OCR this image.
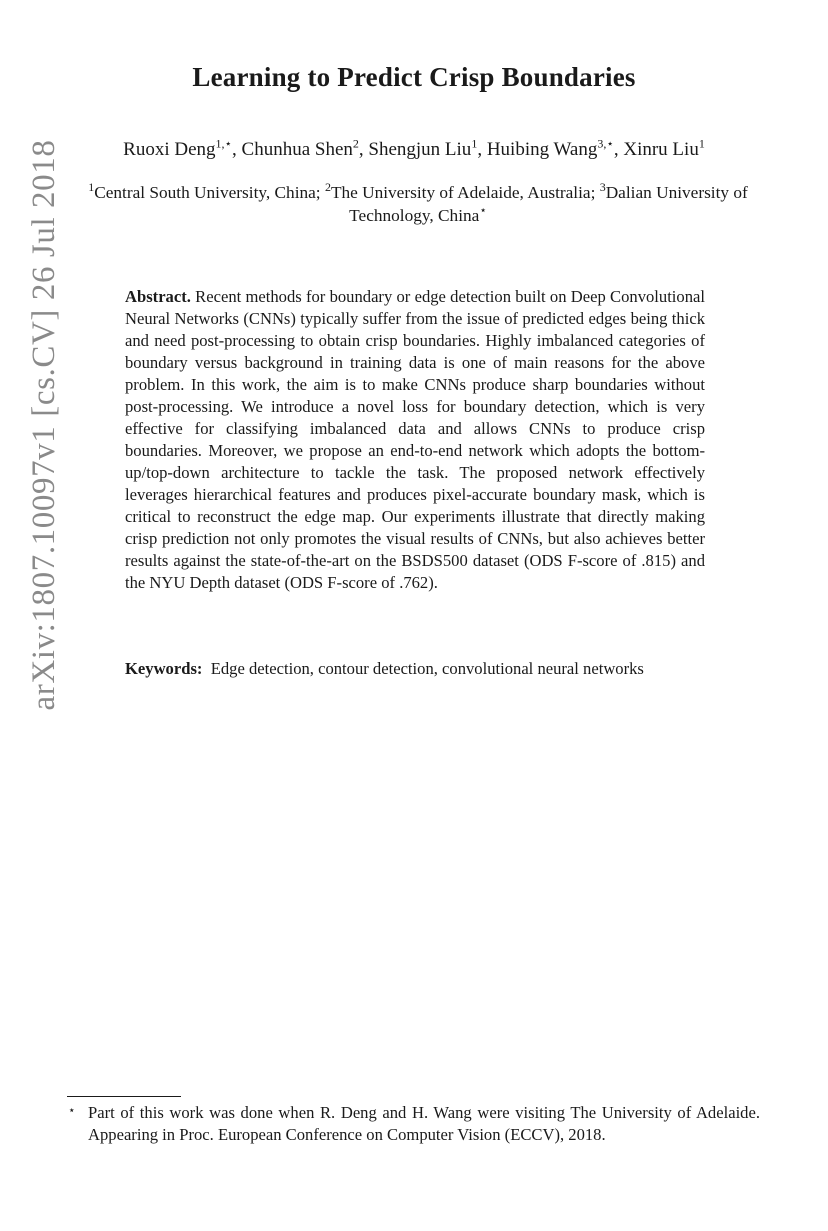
arXiv:1807.10097v1 [cs.CV] 26 Jul 2018
Learning to Predict Crisp Boundaries
Ruoxi Deng$^{1,⋆}$, Chunhua Shen$^2$, Shengjun Liu$^1$, Huibing Wang$^{3,⋆}$, Xinru Liu$^1$
$^1$Central South University, China; $^2$The University of Adelaide, Australia; $^3$Dalian University of Technology, China⋆
Abstract. Recent methods for boundary or edge detection built on Deep Convolutional Neural Networks (CNNs) typically suffer from the issue of predicted edges being thick and need post-processing to obtain crisp boundaries. Highly imbalanced categories of boundary versus background in training data is one of main reasons for the above problem. In this work, the aim is to make CNNs produce sharp boundaries without post-processing. We introduce a novel loss for boundary detection, which is very effective for classifying imbalanced data and allows CNNs to produce crisp boundaries. Moreover, we propose an end-to-end network which adopts the bottom-up/top-down architecture to tackle the task. The proposed network effectively leverages hierarchical features and produces pixel-accurate boundary mask, which is critical to reconstruct the edge map. Our experiments illustrate that directly making crisp prediction not only promotes the visual results of CNNs, but also achieves better results against the state-of-the-art on the BSDS500 dataset (ODS F-score of .815) and the NYU Depth dataset (ODS F-score of .762).
Keywords: Edge detection, contour detection, convolutional neural networks
⋆ Part of this work was done when R. Deng and H. Wang were visiting The University of Adelaide. Appearing in Proc. European Conference on Computer Vision (ECCV), 2018.
